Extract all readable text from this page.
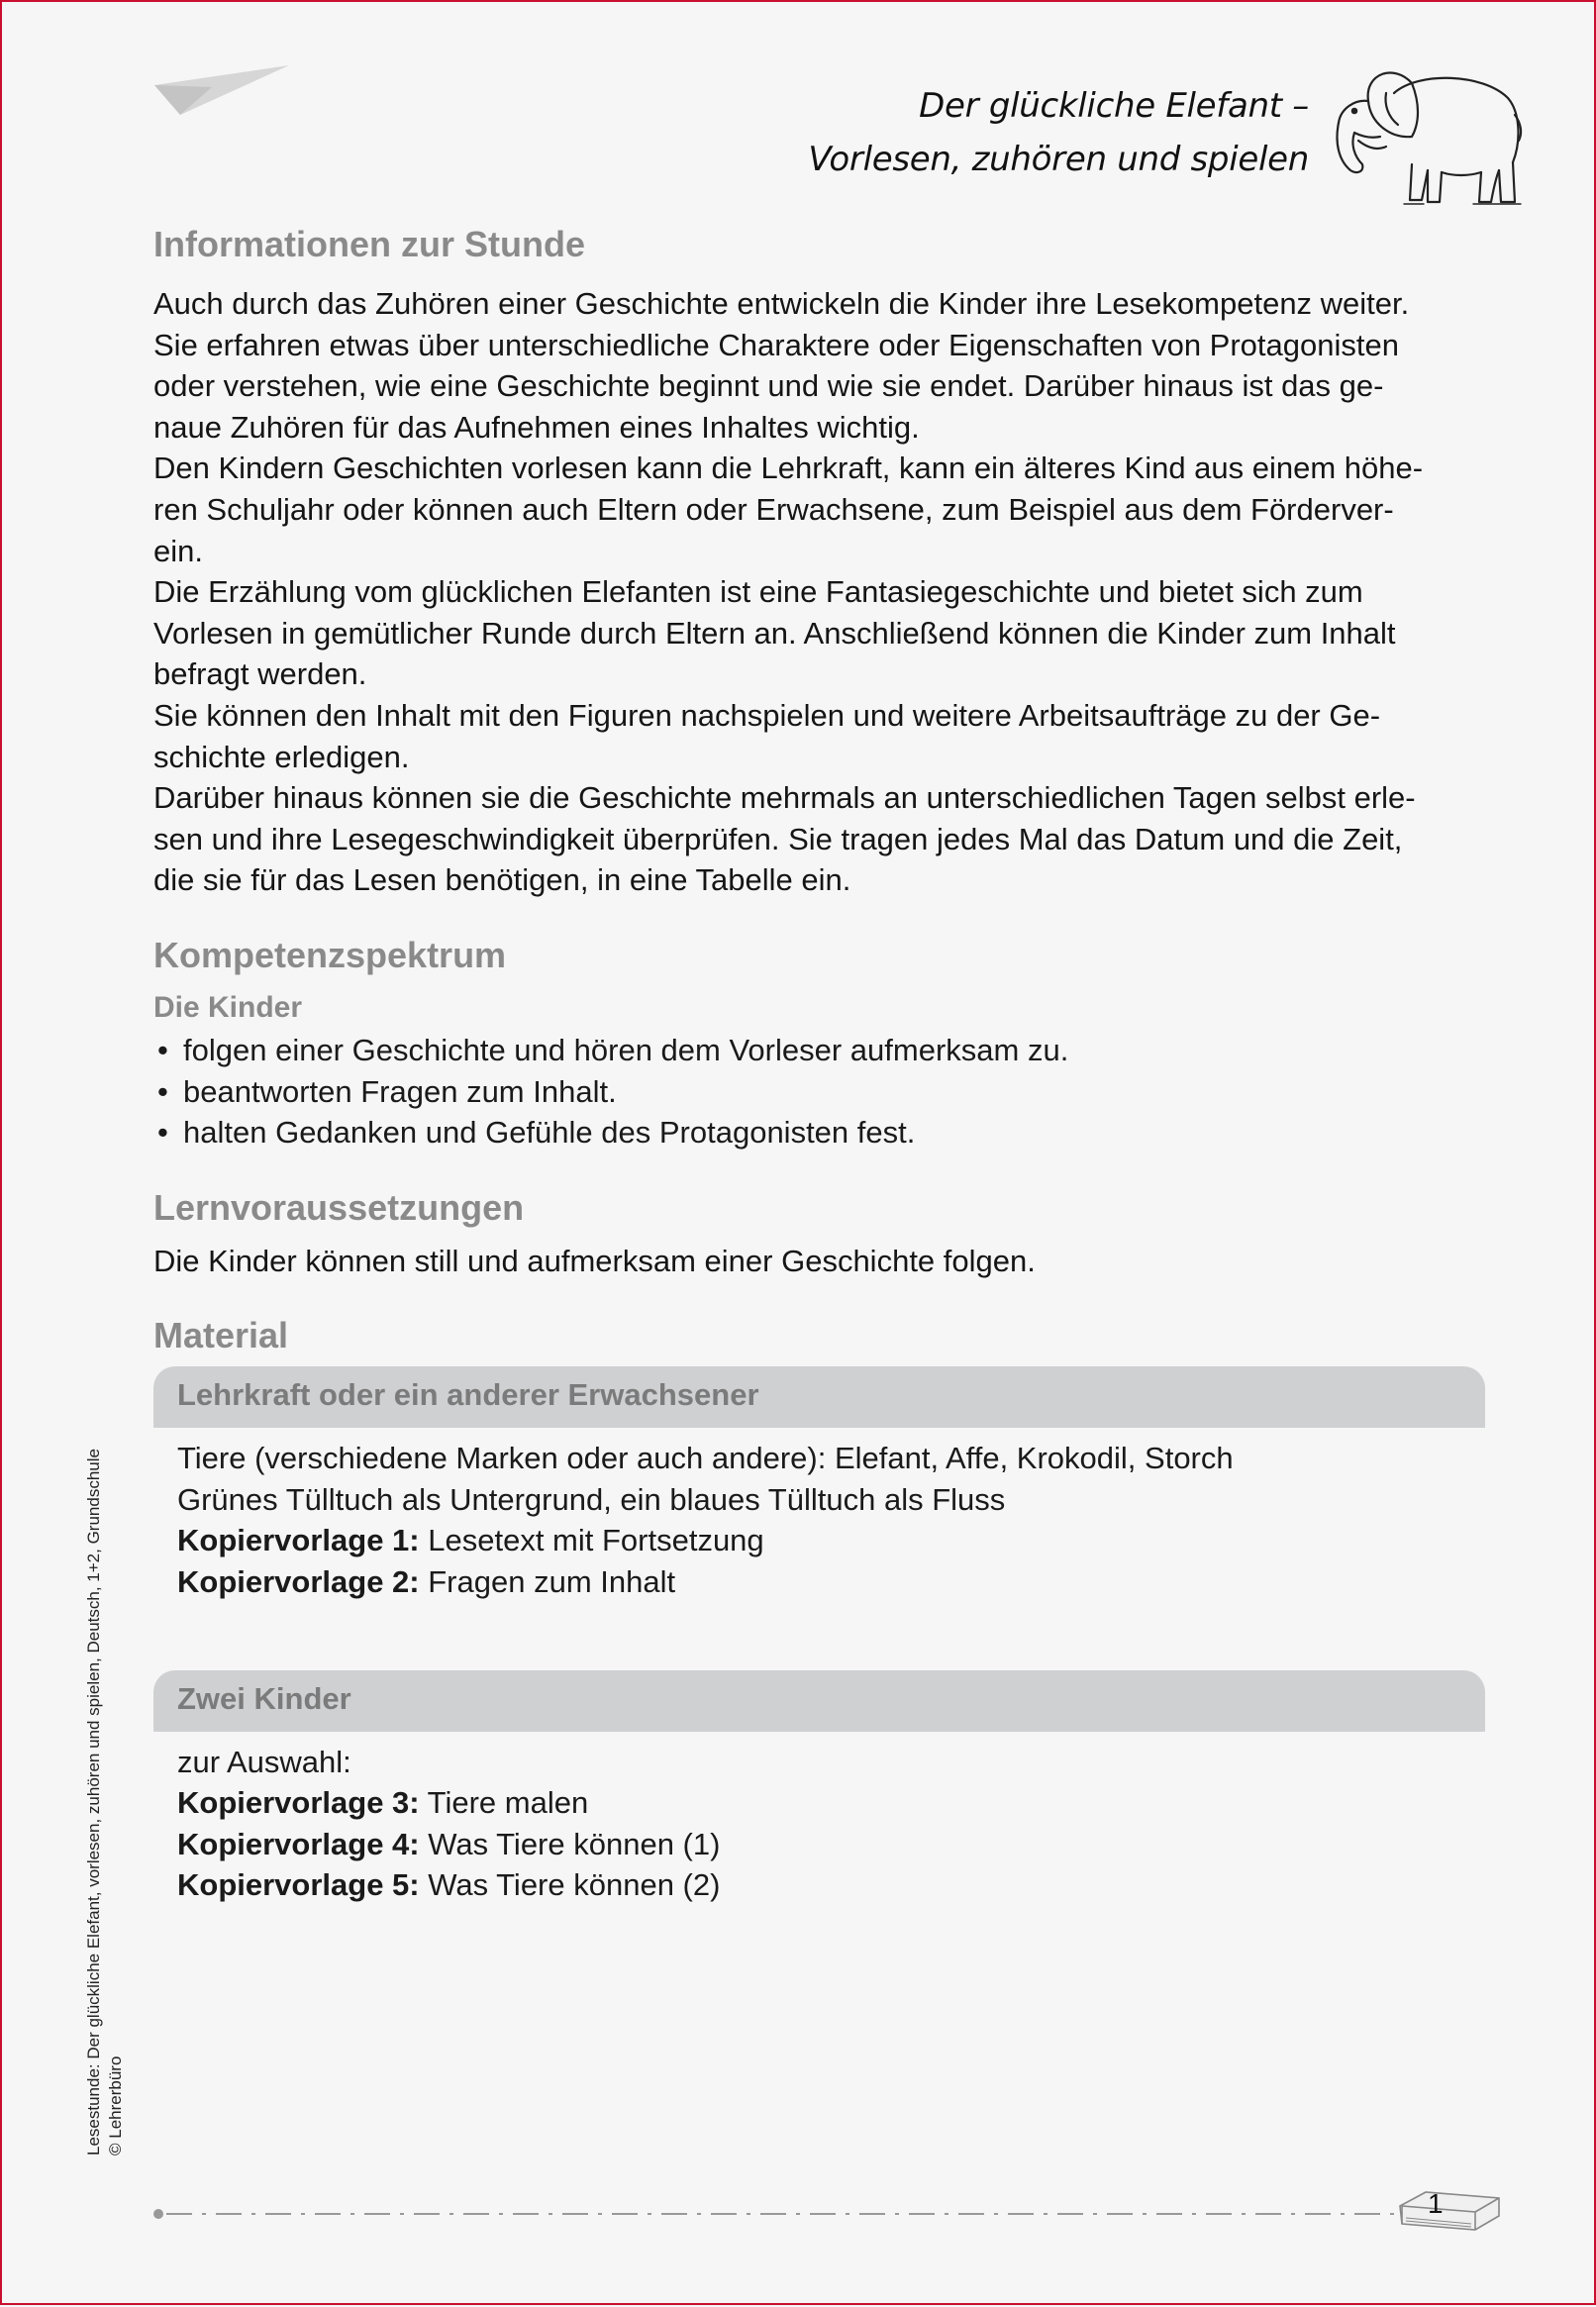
Der glückliche Elefant –
Vorlesen, zuhören und spielen
Informationen zur Stunde

Auch durch das Zuhören einer Geschichte entwickeln die Kinder ihre Lesekompetenz weiter.

Sie erfahren etwas über unterschiedliche Charaktere oder Eigenschaften von Protagonisten

oder verstehen, wie eine Geschichte beginnt und wie sie endet. Darüber hinaus ist das ge-

naue Zuhören für das Aufnehmen eines Inhaltes wichtig.

Den Kindern Geschichten vorlesen kann die Lehrkraft, kann ein älteres Kind aus einem höhe-

ren Schuljahr oder können auch Eltern oder Erwachsene, zum Beispiel aus dem Förderver-

ein.

Die Erzählung vom glücklichen Elefanten ist eine Fantasiegeschichte und bietet sich zum

Vorlesen in gemütlicher Runde durch Eltern an. Anschließend können die Kinder zum Inhalt

befragt werden.

Sie können den Inhalt mit den Figuren nachspielen und weitere Arbeitsaufträge zu der Ge-

schichte erledigen.

Darüber hinaus können sie die Geschichte mehrmals an unterschiedlichen Tagen selbst erle-

sen und ihre Lesegeschwindigkeit überprüfen. Sie tragen jedes Mal das Datum und die Zeit,

die sie für das Lesen benötigen, in eine Tabelle ein.

Kompetenzspektrum
Die Kinder
• folgen einer Geschichte und hören dem Vorleser aufmerksam zu.
• beantworten Fragen zum Inhalt.
• halten Gedanken und Gefühle des Protagonisten fest.
Lernvoraussetzungen

Die Kinder können still und aufmerksam einer Geschichte folgen.

Material
Lehrkraft oder ein anderer Erwachsener
Tiere (verschiedene Marken oder auch andere): Elefant, Affe, Krokodil, Storch
Grünes Tülltuch als Untergrund, ein blaues Tülltuch als Fluss
Kopiervorlage 1: Lesetext mit Fortsetzung
Kopiervorlage 2: Fragen zum Inhalt
Zwei Kinder
zur Auswahl:
Kopiervorlage 3: Tiere malen
Kopiervorlage 4: Was Tiere können (1)
Kopiervorlage 5: Was Tiere können (2)
Lesestunde: Der glückliche Elefant, vorlesen, zuhören und spielen, Deutsch, 1+2, Grundschule © Lehrerbüro
1
